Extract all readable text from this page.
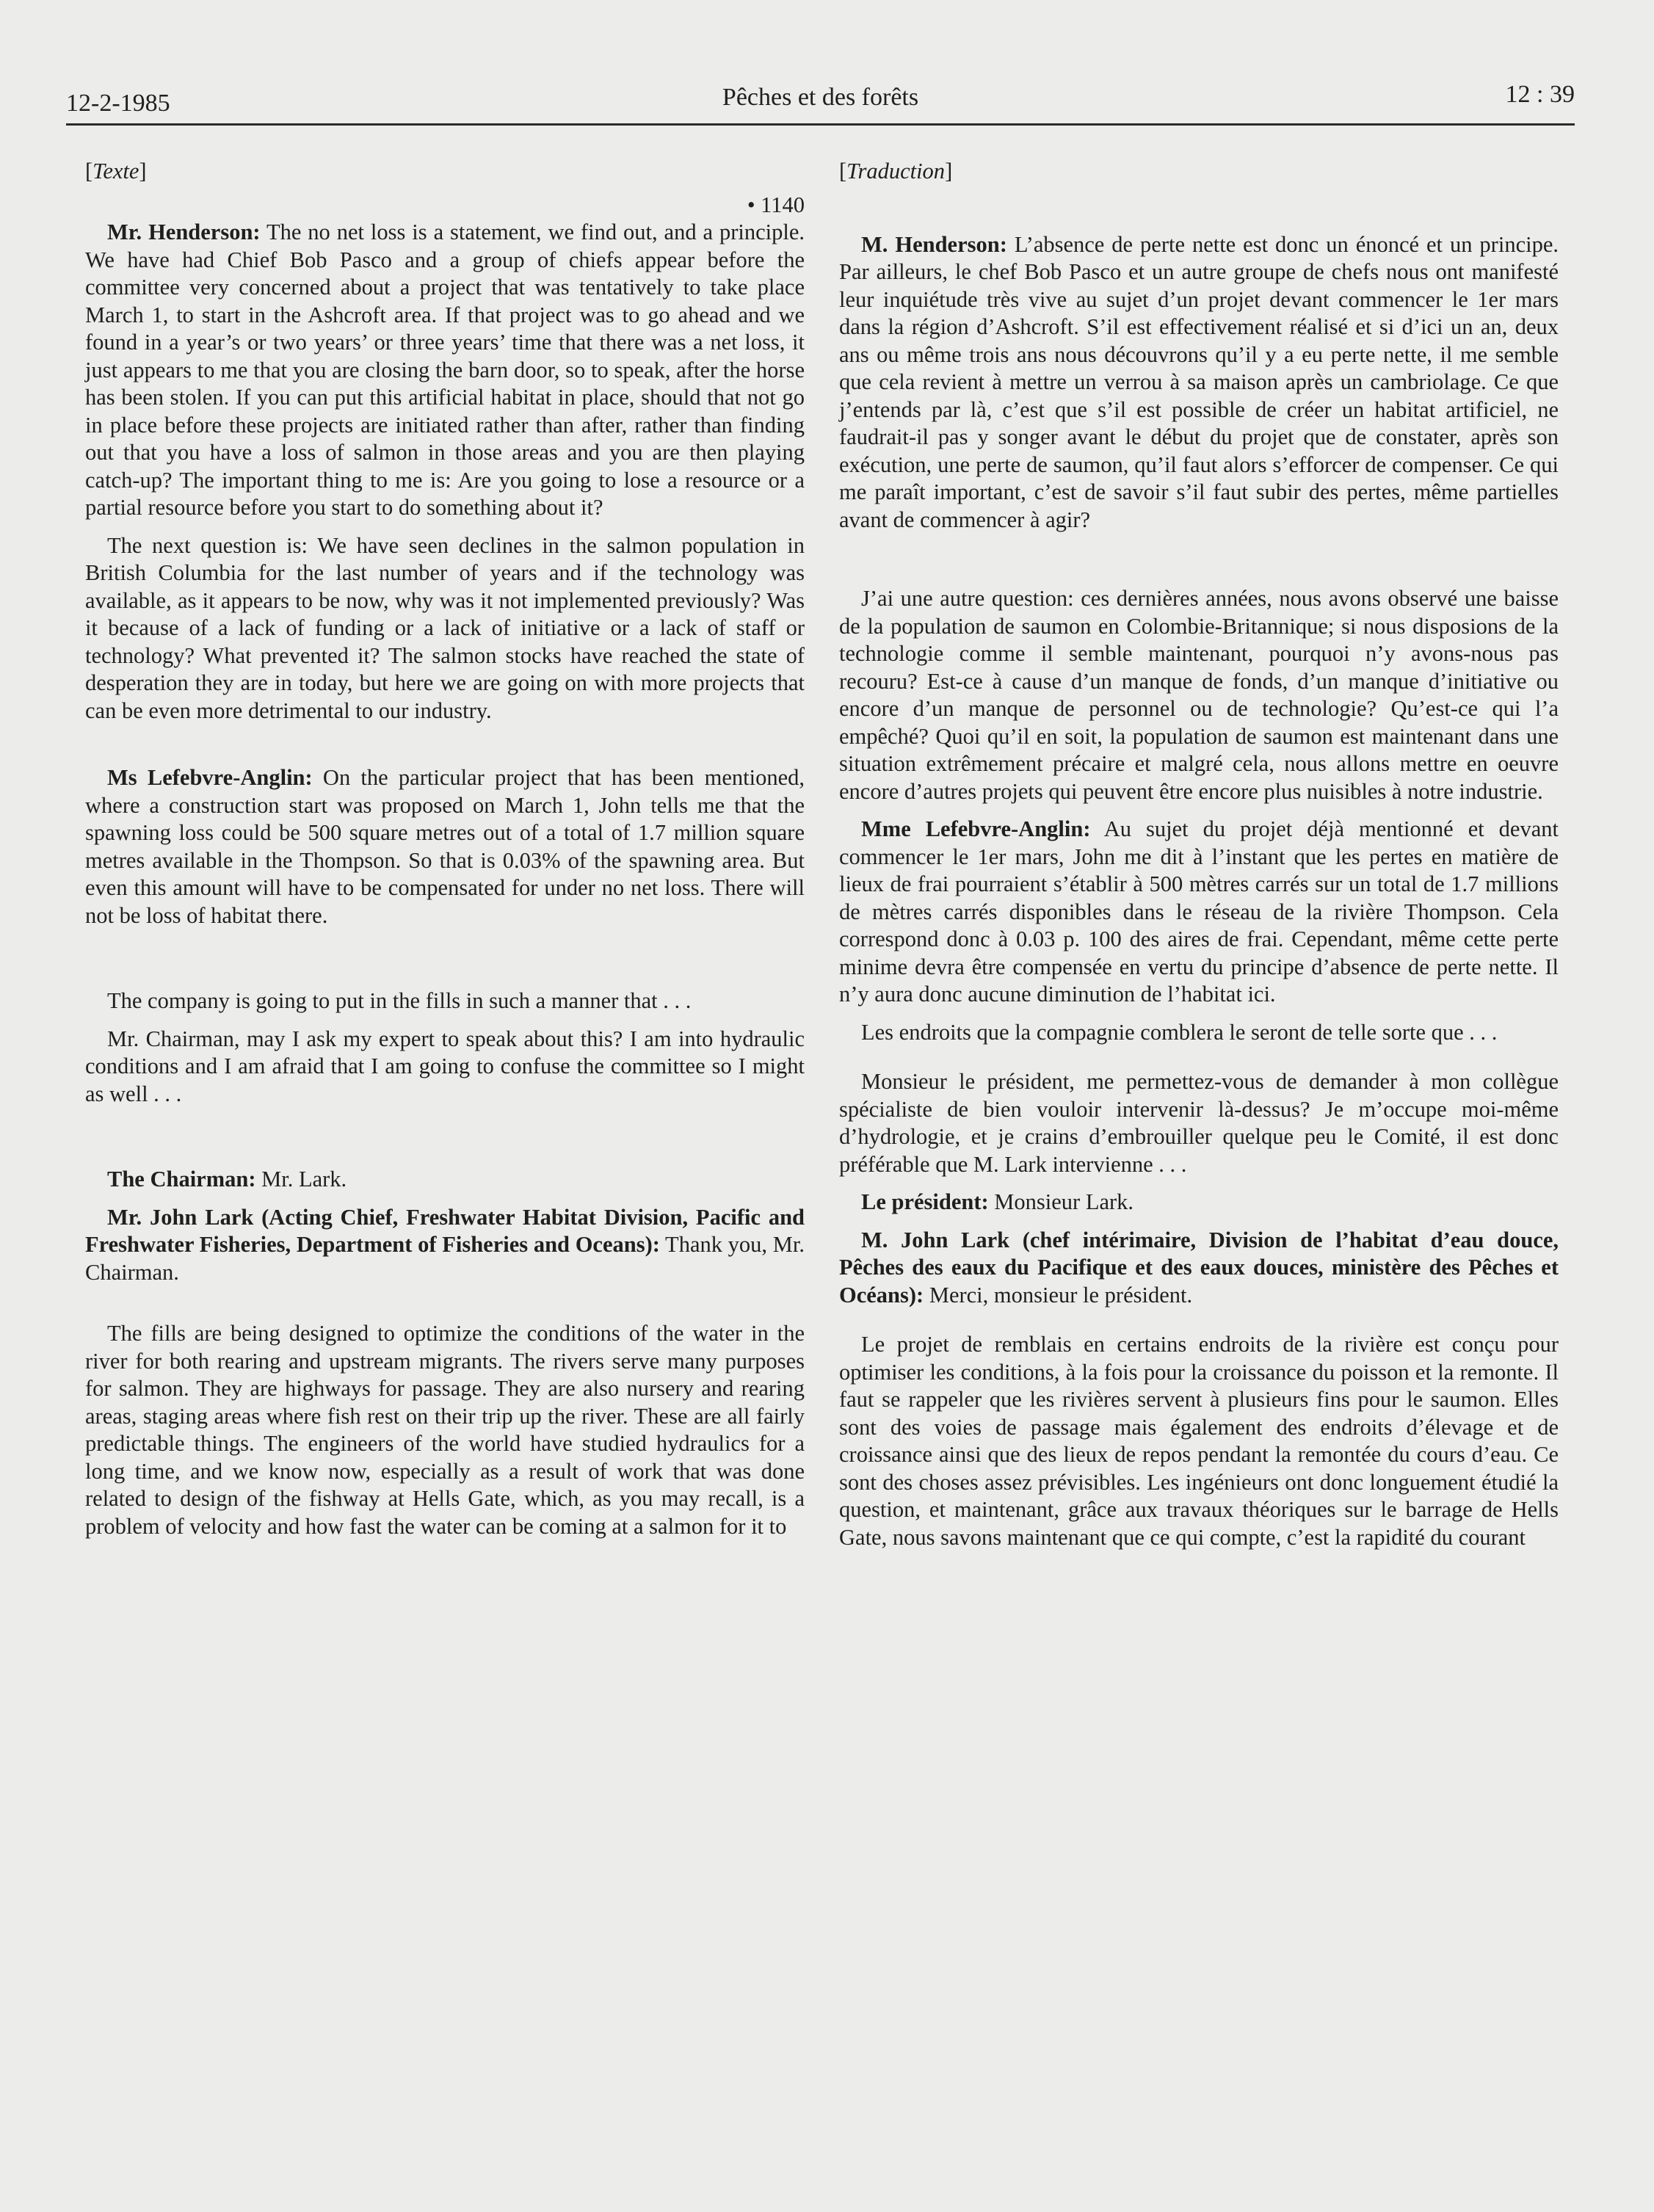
12-2-1985	Pêches et des forêts	12 : 39

[Texte]

• 1140

Mr. Henderson: The no net loss is a statement, we find out, and a principle. We have had Chief Bob Pasco and a group of chiefs appear before the committee very concerned about a project that was tentatively to take place March 1, to start in the Ashcroft area. If that project was to go ahead and we found in a year’s or two years’ or three years’ time that there was a net loss, it just appears to me that you are closing the barn door, so to speak, after the horse has been stolen. If you can put this artificial habitat in place, should that not go in place before these projects are initiated rather than after, rather than finding out that you have a loss of salmon in those areas and you are then playing catch-up? The important thing to me is: Are you going to lose a resource or a partial resource before you start to do something about it?

The next question is: We have seen declines in the salmon population in British Columbia for the last number of years and if the technology was available, as it appears to be now, why was it not implemented previously? Was it because of a lack of funding or a lack of initiative or a lack of staff or technology? What prevented it? The salmon stocks have reached the state of desperation they are in today, but here we are going on with more projects that can be even more detrimental to our industry.

Ms Lefebvre-Anglin: On the particular project that has been mentioned, where a construction start was proposed on March 1, John tells me that the spawning loss could be 500 square metres out of a total of 1.7 million square metres available in the Thompson. So that is 0.03% of the spawning area. But even this amount will have to be compensated for under no net loss. There will not be loss of habitat there.

The company is going to put in the fills in such a manner that . . .

Mr. Chairman, may I ask my expert to speak about this? I am into hydraulic conditions and I am afraid that I am going to confuse the committee so I might as well . . .

The Chairman: Mr. Lark.

Mr. John Lark (Acting Chief, Freshwater Habitat Division, Pacific and Freshwater Fisheries, Department of Fisheries and Oceans): Thank you, Mr. Chairman.

The fills are being designed to optimize the conditions of the water in the river for both rearing and upstream migrants. The rivers serve many purposes for salmon. They are highways for passage. They are also nursery and rearing areas, staging areas where fish rest on their trip up the river. These are all fairly predictable things. The engineers of the world have studied hydraulics for a long time, and we know now, especially as a result of work that was done related to design of the fishway at Hells Gate, which, as you may recall, is a problem of velocity and how fast the water can be coming at a salmon for it to

[Traduction]

M. Henderson: L’absence de perte nette est donc un énoncé et un principe. Par ailleurs, le chef Bob Pasco et un autre groupe de chefs nous ont manifesté leur inquiétude très vive au sujet d’un projet devant commencer le 1er mars dans la région d’Ashcroft. S’il est effectivement réalisé et si d’ici un an, deux ans ou même trois ans nous découvrons qu’il y a eu perte nette, il me semble que cela revient à mettre un verrou à sa maison après un cambriolage. Ce que j’entends par là, c’est que s’il est possible de créer un habitat artificiel, ne faudrait-il pas y songer avant le début du projet que de constater, après son exécution, une perte de saumon, qu’il faut alors s’efforcer de compenser. Ce qui me paraît important, c’est de savoir s’il faut subir des pertes, même partielles avant de commencer à agir?

J’ai une autre question: ces dernières années, nous avons observé une baisse de la population de saumon en Colombie-Britannique; si nous disposions de la technologie comme il semble maintenant, pourquoi n’y avons-nous pas recouru? Est-ce à cause d’un manque de fonds, d’un manque d’initiative ou encore d’un manque de personnel ou de technologie? Qu’est-ce qui l’a empêché? Quoi qu’il en soit, la population de saumon est maintenant dans une situation extrêmement précaire et malgré cela, nous allons mettre en oeuvre encore d’autres projets qui peuvent être encore plus nuisibles à notre industrie.

Mme Lefebvre-Anglin: Au sujet du projet déjà mentionné et devant commencer le 1er mars, John me dit à l’instant que les pertes en matière de lieux de frai pourraient s’établir à 500 mètres carrés sur un total de 1.7 millions de mètres carrés disponibles dans le réseau de la rivière Thompson. Cela correspond donc à 0.03 p. 100 des aires de frai. Cependant, même cette perte minime devra être compensée en vertu du principe d’absence de perte nette. Il n’y aura donc aucune diminution de l’habitat ici.

Les endroits que la compagnie comblera le seront de telle sorte que . . .

Monsieur le président, me permettez-vous de demander à mon collègue spécialiste de bien vouloir intervenir là-dessus? Je m’occupe moi-même d’hydrologie, et je crains d’embrouiller quelque peu le Comité, il est donc préférable que M. Lark intervienne . . .

Le président: Monsieur Lark.

M. John Lark (chef intérimaire, Division de l’habitat d’eau douce, Pêches des eaux du Pacifique et des eaux douces, ministère des Pêches et Océans): Merci, monsieur le président.

Le projet de remblais en certains endroits de la rivière est conçu pour optimiser les conditions, à la fois pour la croissance du poisson et la remonte. Il faut se rappeler que les rivières servent à plusieurs fins pour le saumon. Elles sont des voies de passage mais également des endroits d’élevage et de croissance ainsi que des lieux de repos pendant la remontée du cours d’eau. Ce sont des choses assez prévisibles. Les ingénieurs ont donc longuement étudié la question, et maintenant, grâce aux travaux théoriques sur le barrage de Hells Gate, nous savons maintenant que ce qui compte, c’est la rapidité du courant
